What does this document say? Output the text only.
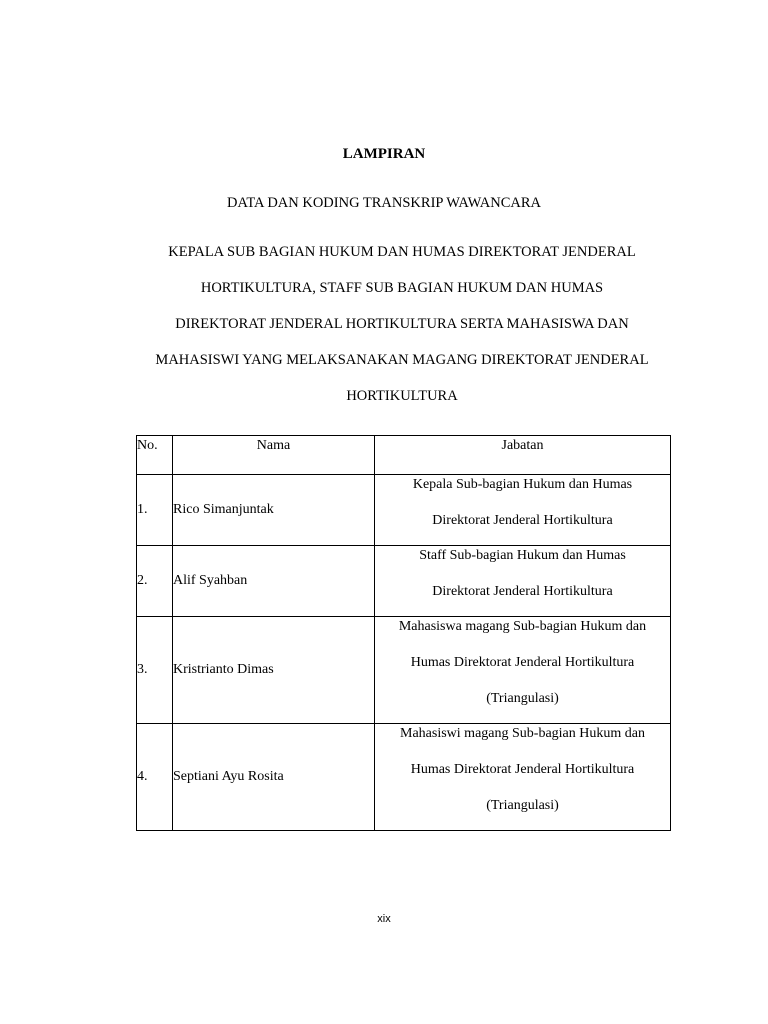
LAMPIRAN
DATA DAN KODING TRANSKRIP WAWANCARA
KEPALA SUB BAGIAN HUKUM DAN HUMAS DIREKTORAT JENDERAL
HORTIKULTURA, STAFF SUB BAGIAN HUKUM DAN HUMAS
DIREKTORAT JENDERAL HORTIKULTURA SERTA MAHASISWA DAN
MAHASISWI YANG MELAKSANAKAN MAGANG DIREKTORAT JENDERAL
HORTIKULTURA
No.	Nama	Jabatan
1.	Rico Simanjuntak	Kepala Sub-bagian Hukum dan Humas
Direktorat Jenderal Hortikultura

2.	Alif Syahban	Staff Sub-bagian Hukum dan Humas
Direktorat Jenderal Hortikultura

3.	Kristrianto Dimas	Mahasiswa magang Sub-bagian Hukum dan
Humas Direktorat Jenderal Hortikultura
(Triangulasi)

4.	Septiani Ayu Rosita	Mahasiswi magang Sub-bagian Hukum dan
Humas Direktorat Jenderal Hortikultura
(Triangulasi)
xix
